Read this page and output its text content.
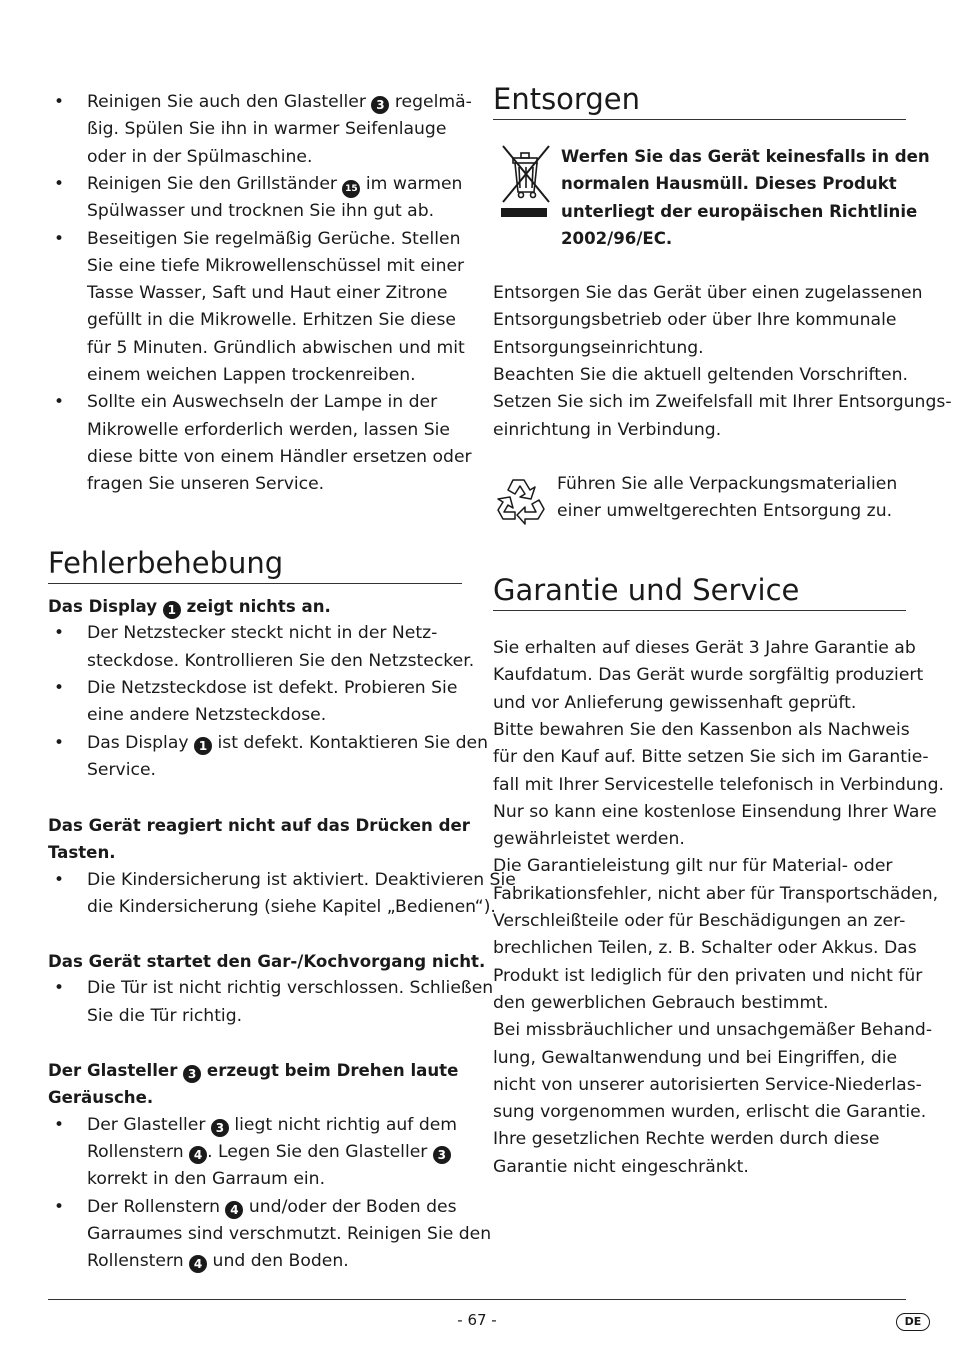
• Reinigen Sie auch den Glasteller 3 regelmä-
ßig. Spülen Sie ihn in warmer Seifenlauge
oder in der Spülmaschine.
• Reinigen Sie den Grillständer 15 im warmen
Spülwasser und trocknen Sie ihn gut ab.
• Beseitigen Sie regelmäßig Gerüche. Stellen
Sie eine tiefe Mikrowellenschüssel mit einer
Tasse Wasser, Saft und Haut einer Zitrone
gefüllt in die Mikrowelle. Erhitzen Sie diese
für 5 Minuten. Gründlich abwischen und mit
einem weichen Lappen trockenreiben.
• Sollte ein Auswechseln der Lampe in der
Mikrowelle erforderlich werden, lassen Sie
diese bitte von einem Händler ersetzen oder
fragen Sie unseren Service.
Fehlerbehebung
Das Display 1 zeigt nichts an.
• Der Netzstecker steckt nicht in der Netz-
steckdose. Kontrollieren Sie den Netzstecker.
• Die Netzsteckdose ist defekt. Probieren Sie
eine andere Netzsteckdose.
• Das Display 1 ist defekt. Kontaktieren Sie den
Service.
Das Gerät reagiert nicht auf das Drücken der
Tasten.
• Die Kindersicherung ist aktiviert. Deaktivieren Sie
die Kindersicherung (siehe Kapitel „Bedienen“).
Das Gerät startet den Gar-/Kochvorgang nicht.
• Die Tür ist nicht richtig verschlossen. Schließen
Sie die Tür richtig.
Der Glasteller 3 erzeugt beim Drehen laute
Geräusche.
• Der Glasteller 3 liegt nicht richtig auf dem
Rollenstern 4 . Legen Sie den Glasteller 3
korrekt in den Garraum ein.
• Der Rollenstern 4 und/oder der Boden des
Garraumes sind verschmutzt. Reinigen Sie den
Rollenstern 4 und den Boden.
Entsorgen
Garantie und Service
Werfen Sie das Gerät keinesfalls in den
normalen Hausmüll. Dieses Produkt
unterliegt der europäischen Richtlinie
2002/96/EC.
Entsorgen Sie das Gerät über einen zugelassenen
Entsorgungsbetrieb oder über Ihre kommunale
Entsorgungseinrichtung.
Beachten Sie die aktuell geltenden Vorschriften.
Setzen Sie sich im Zweifelsfall mit Ihrer Entsorgungs-
einrichtung in Verbindung.
Führen Sie alle Verpackungsmaterialien
einer umweltgerechten Entsorgung zu.
Sie erhalten auf dieses Gerät 3 Jahre Garantie ab
Kaufdatum. Das Gerät wurde sorgfältig produziert
und vor Anlieferung gewissenhaft geprüft.
Bitte bewahren Sie den Kassenbon als Nachweis
für den Kauf auf. Bitte setzen Sie sich im Garantie-
fall mit Ihrer Servicestelle telefonisch in Verbindung.
Nur so kann eine kostenlose Einsendung Ihrer Ware
gewährleistet werden.
Die Garantieleistung gilt nur für Material- oder
Fabrikationsfehler, nicht aber für Transportschäden,
Verschleißteile oder für Beschädigungen an zer-
brechlichen Teilen, z. B. Schalter oder Akkus. Das
Produkt ist lediglich für den privaten und nicht für
den gewerblichen Gebrauch bestimmt.
Bei missbräuchlicher und unsachgemäßer Behand-
lung, Gewaltanwendung und bei Eingriffen, die
nicht von unserer autorisierten Service-Niederlas-
sung vorgenommen wurden, erlischt die Garantie.
Ihre gesetzlichen Rechte werden durch diese
Garantie nicht eingeschränkt.
- 67 -	DE
